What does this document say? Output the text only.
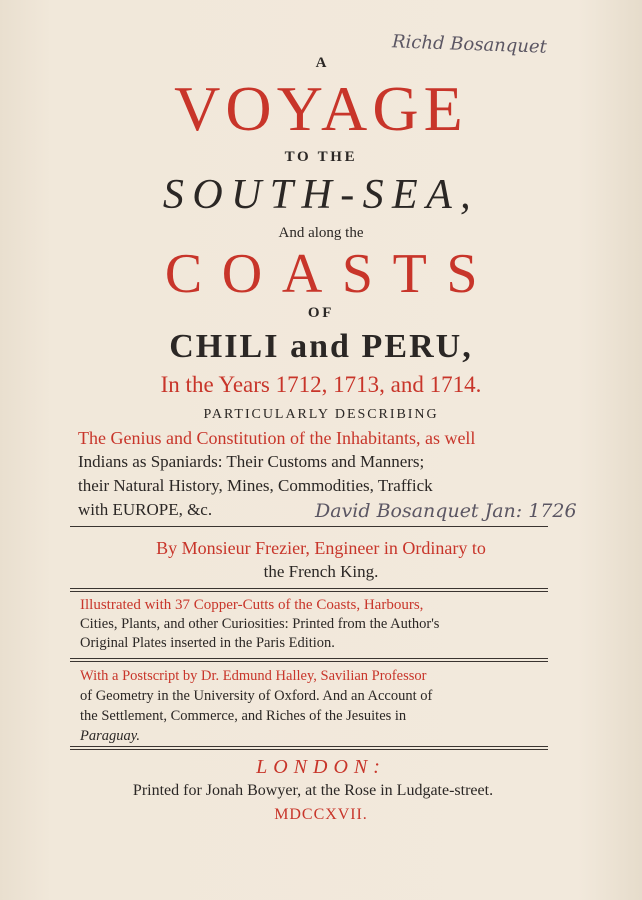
Richd Bosanquet
A
VOYAGE
TO THE
SOUTH-SEA,
And along the
COASTS
OF
CHILI and PERU,
In the Years 1712, 1713, and 1714.
PARTICULARLY DESCRIBING
The Genius and Constitution of the Inhabitants, as well
Indians as Spaniards: Their Customs and Manners;
their Natural History, Mines, Commodities, Traffick
with EUROPE, &c.	David Bosanquet Jan: 1726
By Monsieur Frezier, Engineer in Ordinary to
the French King.
Illustrated with 37 Copper-Cutts of the Coasts, Harbours,
Cities, Plants, and other Curiosities: Printed from the Author's
Original Plates inserted in the Paris Edition.
With a Postscript by Dr. Edmund Halley, Savilian Professor
of Geometry in the University of Oxford. And an Account of
the Settlement, Commerce, and Riches of the Jesuites in
Paraguay.
LONDON:
Printed for Jonah Bowyer, at the Rose in Ludgate-street.
MDCCXVII.
